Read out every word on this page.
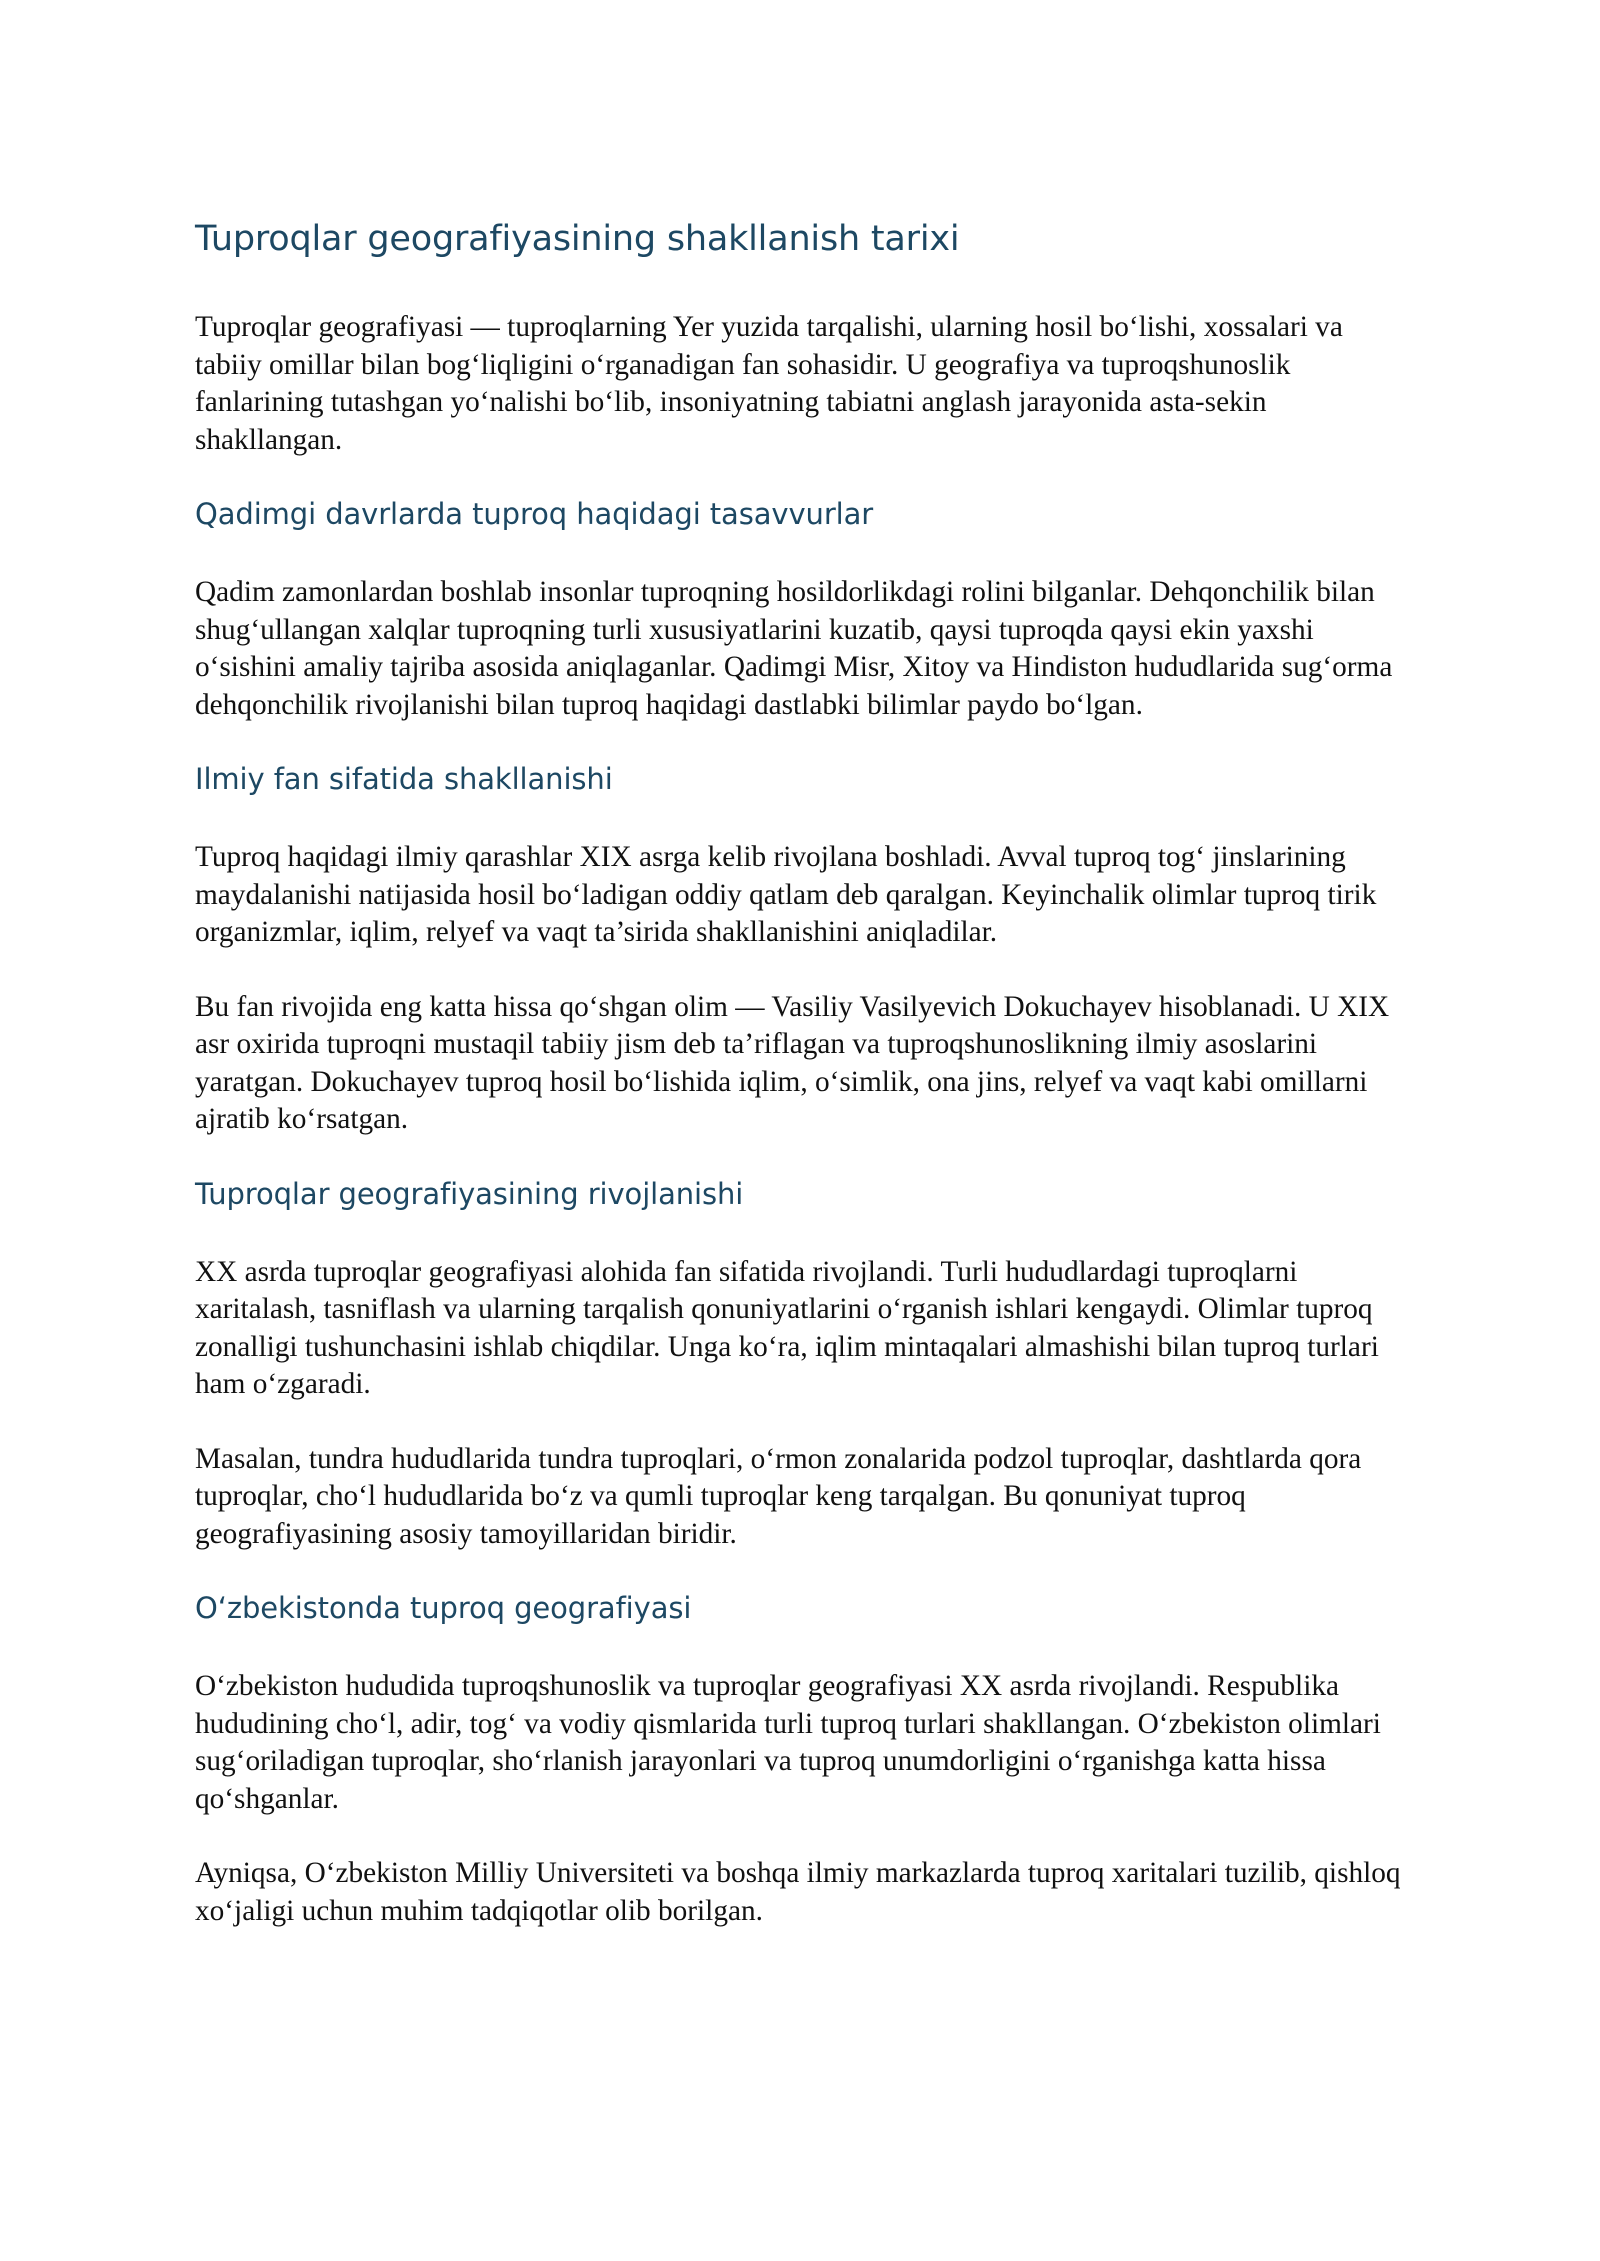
Tuproqlar geografiyasining shakllanish tarixi

Tuproqlar geografiyasi — tuproqlarning Yer yuzida tarqalishi, ularning hosil bo‘lishi, xossalari va tabiiy omillar bilan bog‘liqligini o‘rganadigan fan sohasidir. U geografiya va tuproqshunoslik fanlarining tutashgan yo‘nalishi bo‘lib, insoniyatning tabiatni anglash jarayonida asta-sekin shakllangan.

Qadimgi davrlarda tuproq haqidagi tasavvurlar

Qadim zamonlardan boshlab insonlar tuproqning hosildorlikdagi rolini bilganlar. Dehqonchilik bilan shug‘ullangan xalqlar tuproqning turli xususiyatlarini kuzatib, qaysi tuproqda qaysi ekin yaxshi o‘sishini amaliy tajriba asosida aniqlaganlar. Qadimgi Misr, Xitoy va Hindiston hududlarida sug‘orma dehqonchilik rivojlanishi bilan tuproq haqidagi dastlabki bilimlar paydo bo‘lgan.

Ilmiy fan sifatida shakllanishi

Tuproq haqidagi ilmiy qarashlar XIX asrga kelib rivojlana boshladi. Avval tuproq tog‘ jinslarining maydalanishi natijasida hosil bo‘ladigan oddiy qatlam deb qaralgan. Keyinchalik olimlar tuproq tirik organizmlar, iqlim, relyef va vaqt ta’sirida shakllanishini aniqladilar.

Bu fan rivojida eng katta hissa qo‘shgan olim — Vasiliy Vasilyevich Dokuchayev hisoblanadi. U XIX asr oxirida tuproqni mustaqil tabiiy jism deb ta’riflagan va tuproqshunoslikning ilmiy asoslarini yaratgan. Dokuchayev tuproq hosil bo‘lishida iqlim, o‘simlik, ona jins, relyef va vaqt kabi omillarni ajratib ko‘rsatgan.

Tuproqlar geografiyasining rivojlanishi

XX asrda tuproqlar geografiyasi alohida fan sifatida rivojlandi. Turli hududlardagi tuproqlarni xaritalash, tasniflash va ularning tarqalish qonuniyatlarini o‘rganish ishlari kengaydi. Olimlar tuproq zonalligi tushunchasini ishlab chiqdilar. Unga ko‘ra, iqlim mintaqalari almashishi bilan tuproq turlari ham o‘zgaradi.

Masalan, tundra hududlarida tundra tuproqlari, o‘rmon zonalarida podzol tuproqlar, dashtlarda qora tuproqlar, cho‘l hududlarida bo‘z va qumli tuproqlar keng tarqalgan. Bu qonuniyat tuproq geografiyasining asosiy tamoyillaridan biridir.

O‘zbekistonda tuproq geografiyasi

O‘zbekiston hududida tuproqshunoslik va tuproqlar geografiyasi XX asrda rivojlandi. Respublika hududining cho‘l, adir, tog‘ va vodiy qismlarida turli tuproq turlari shakllangan. O‘zbekiston olimlari sug‘oriladigan tuproqlar, sho‘rlanish jarayonlari va tuproq unumdorligini o‘rganishga katta hissa qo‘shganlar.

Ayniqsa, O‘zbekiston Milliy Universiteti va boshqa ilmiy markazlarda tuproq xaritalari tuzilib, qishloq xo‘jaligi uchun muhim tadqiqotlar olib borilgan.
